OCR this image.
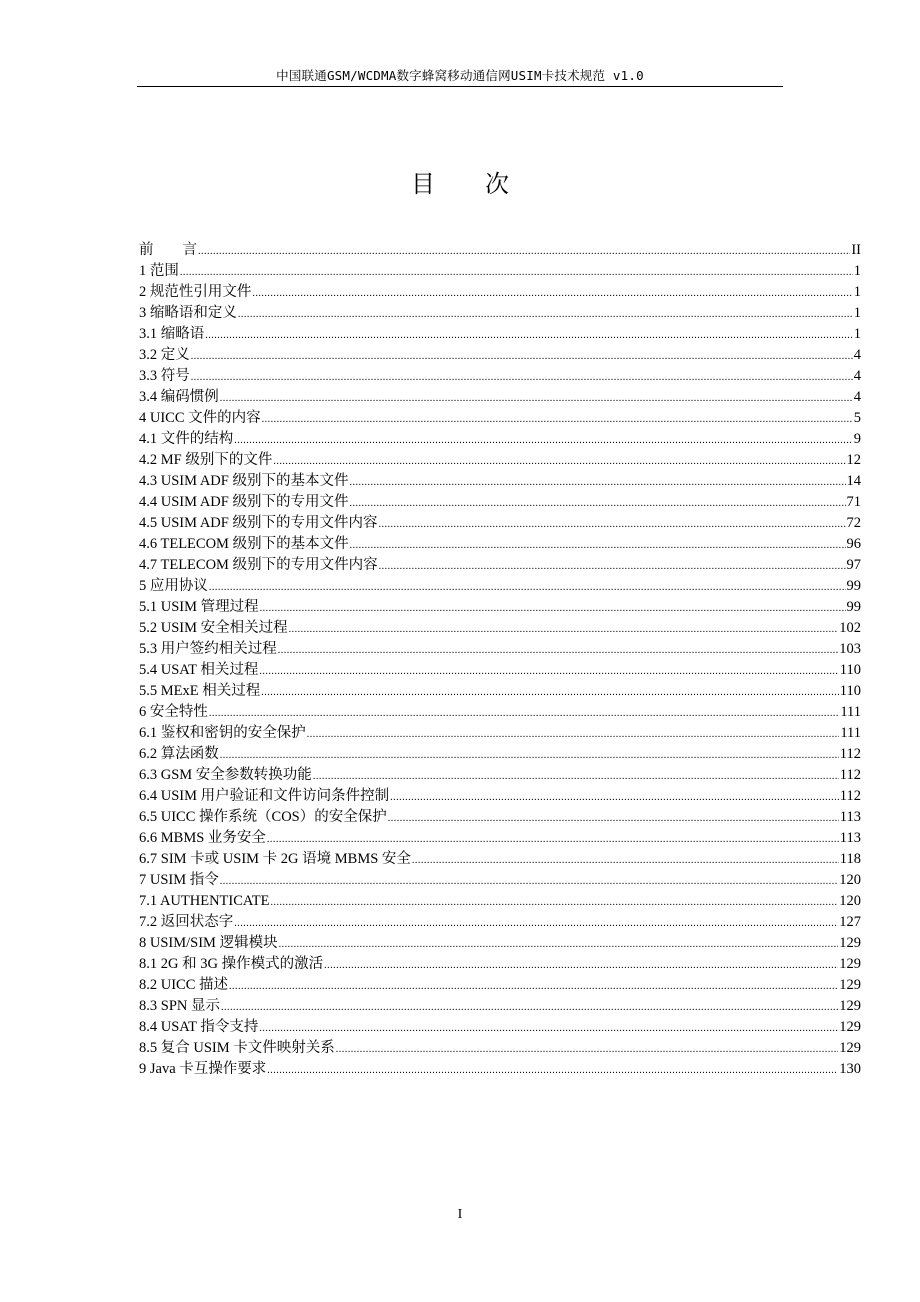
中国联通GSM/WCDMA数字蜂窝移动通信网USIM卡技术规范 v1.0
目次
前　　言 .....	II
1 范围 .....	1
2 规范性引用文件 .....	1
3 缩略语和定义 .....	1
3.1 缩略语 .....	1
3.2 定义 .....	4
3.3 符号 .....	4
3.4 编码惯例 .....	4
4 UICC 文件的内容 .....	5
4.1 文件的结构 .....	9
4.2 MF 级别下的文件 .....	12
4.3 USIM ADF 级别下的基本文件 .....	14
4.4 USIM ADF 级别下的专用文件 .....	71
4.5 USIM ADF 级别下的专用文件内容 .....	72
4.6 TELECOM 级别下的基本文件 .....	96
4.7 TELECOM 级别下的专用文件内容 .....	97
5 应用协议 .....	99
5.1 USIM 管理过程 .....	99
5.2 USIM 安全相关过程 .....	102
5.3 用户签约相关过程 .....	103
5.4 USAT 相关过程 .....	110
5.5 MExE 相关过程 .....	110
6 安全特性 .....	111
6.1 鉴权和密钥的安全保护 .....	111
6.2 算法函数 .....	112
6.3 GSM 安全参数转换功能 .....	112
6.4 USIM 用户验证和文件访问条件控制 .....	112
6.5 UICC 操作系统（COS）的安全保护 .....	113
6.6 MBMS 业务安全 .....	113
6.7 SIM 卡或 USIM 卡 2G 语境 MBMS 安全 .....	118
7 USIM 指令 .....	120
7.1 AUTHENTICATE .....	120
7.2 返回状态字 .....	127
8 USIM/SIM 逻辑模块 .....	129
8.1 2G 和 3G 操作模式的激活 .....	129
8.2 UICC 描述 .....	129
8.3 SPN 显示 .....	129
8.4 USAT 指令支持 .....	129
8.5 复合 USIM 卡文件映射关系 .....	129
9 Java 卡互操作要求 .....	130
I
